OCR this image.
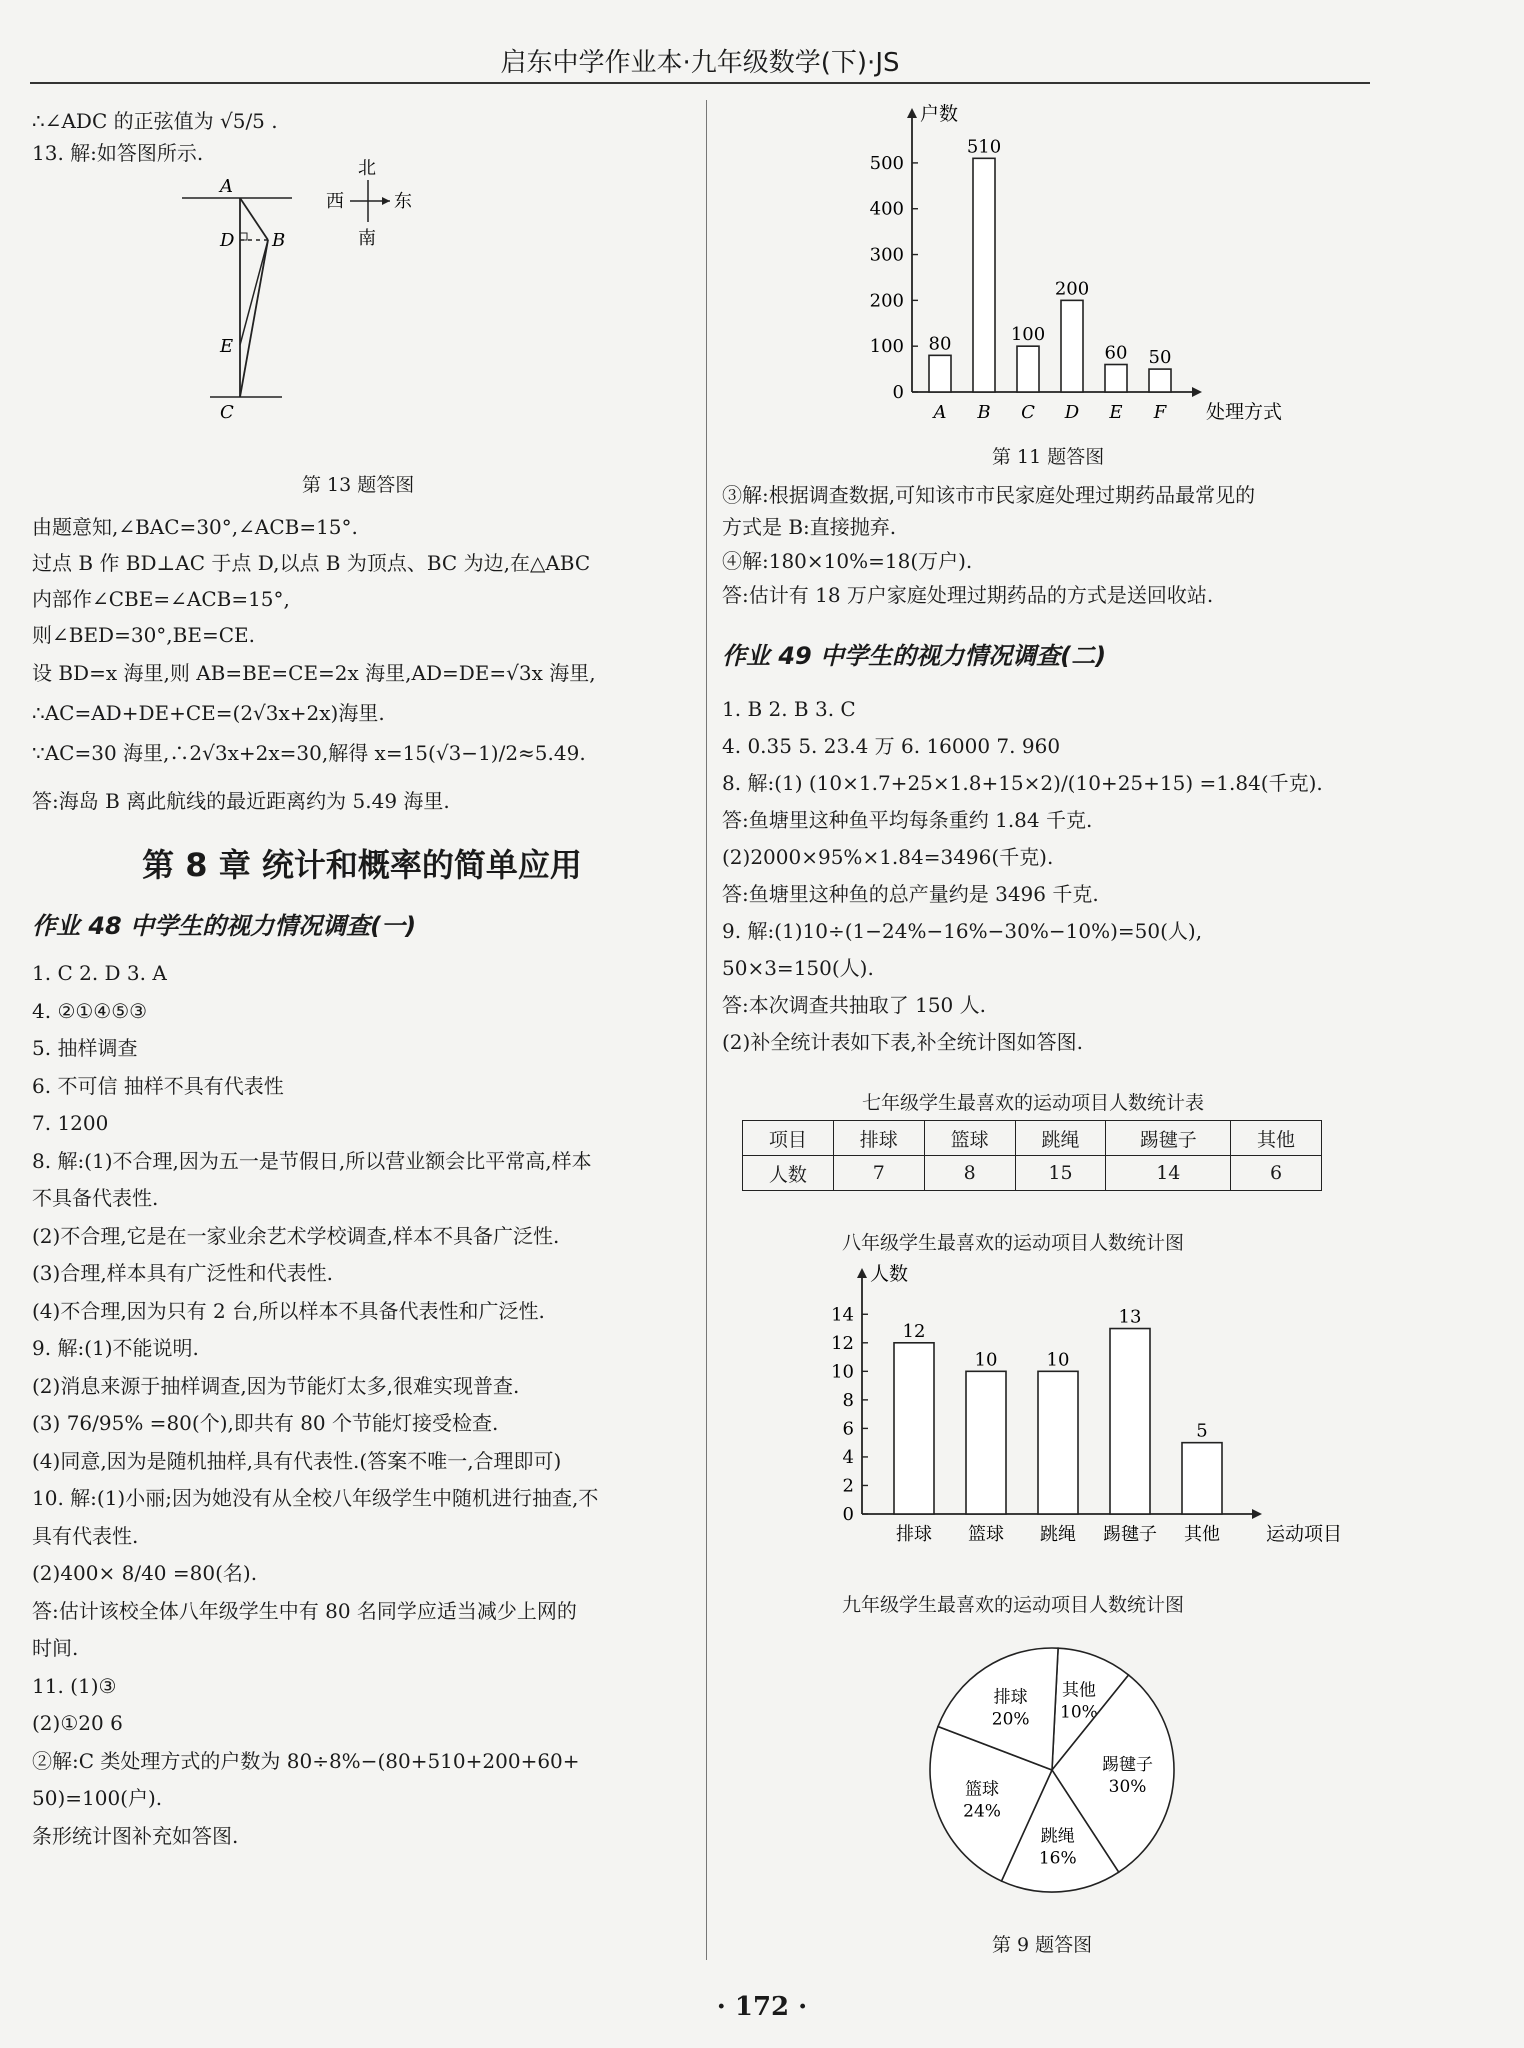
启东中学作业本·九年级数学(下)·JS
∴∠ADC 的正弦值为 √5/5 .
13. 解:如答图所示.
A
B
C
D
E
北
南
西	东
第 13 题答图
由题意知,∠BAC=30°,∠ACB=15°.
过点 B 作 BD⊥AC 于点 D,以点 B 为顶点、BC 为边,在△ABC
内部作∠CBE=∠ACB=15°,
则∠BED=30°,BE=CE.
设 BD=x 海里,则 AB=BE=CE=2x 海里,AD=DE=√3x 海里,
∴AC=AD+DE+CE=(2√3x+2x)海里.
∵AC=30 海里,∴2√3x+2x=30,解得 x=15(√3−1)/2≈5.49.
答:海岛 B 离此航线的最近距离约为 5.49 海里.
第 8 章 统计和概率的简单应用
作业 48 中学生的视力情况调查(一)
1. C 2. D 3. A
4. ②①④⑤③
5. 抽样调查
6. 不可信 抽样不具有代表性
7. 1200
8. 解:(1)不合理,因为五一是节假日,所以营业额会比平常高,样本
不具备代表性.
(2)不合理,它是在一家业余艺术学校调查,样本不具备广泛性.
(3)合理,样本具有广泛性和代表性.
(4)不合理,因为只有 2 台,所以样本不具备代表性和广泛性.
9. 解:(1)不能说明.
(2)消息来源于抽样调查,因为节能灯太多,很难实现普查.
(3) 76/95% =80(个),即共有 80 个节能灯接受检查.
(4)同意,因为是随机抽样,具有代表性.(答案不唯一,合理即可)
10. 解:(1)小丽;因为她没有从全校八年级学生中随机进行抽查,不
具有代表性.
(2)400× 8/40 =80(名).
答:估计该校全体八年级学生中有 80 名同学应适当减少上网的
时间.
11. (1)③
(2)①20 6
②解:C 类处理方式的户数为 80÷8%−(80+510+200+60+
50)=100(户).
条形统计图补充如答图.
0
100
200
300
400
500
户数
处理方式
80
A
510
B
100
C
200
D
60
E
50
F
第 11 题答图
③解:根据调查数据,可知该市市民家庭处理过期药品最常见的
方式是 B:直接抛弃.
④解:180×10%=18(万户).
答:估计有 18 万户家庭处理过期药品的方式是送回收站.
作业 49 中学生的视力情况调查(二)
1. B 2. B 3. C
4. 0.35 5. 23.4 万 6. 16000 7. 960
8. 解:(1) (10×1.7+25×1.8+15×2)/(10+25+15) =1.84(千克).
答:鱼塘里这种鱼平均每条重约 1.84 千克.
(2)2000×95%×1.84=3496(千克).
答:鱼塘里这种鱼的总产量约是 3496 千克.
9. 解:(1)10÷(1−24%−16%−30%−10%)=50(人),
50×3=150(人).
答:本次调查共抽取了 150 人.
(2)补全统计表如下表,补全统计图如答图.
七年级学生最喜欢的运动项目人数统计表
项目	排球	篮球	跳绳	踢毽子	其他
人数	7	8	15	14	6
八年级学生最喜欢的运动项目人数统计图
0
2
4
6
8
10
12
14
人数
运动项目
12
排球
10
篮球
10
跳绳
13
踢毽子
5
其他
九年级学生最喜欢的运动项目人数统计图
其他
10%
踢毽子
30%
跳绳
16%
篮球
24%
排球
20%
第 9 题答图
· 172 ·
